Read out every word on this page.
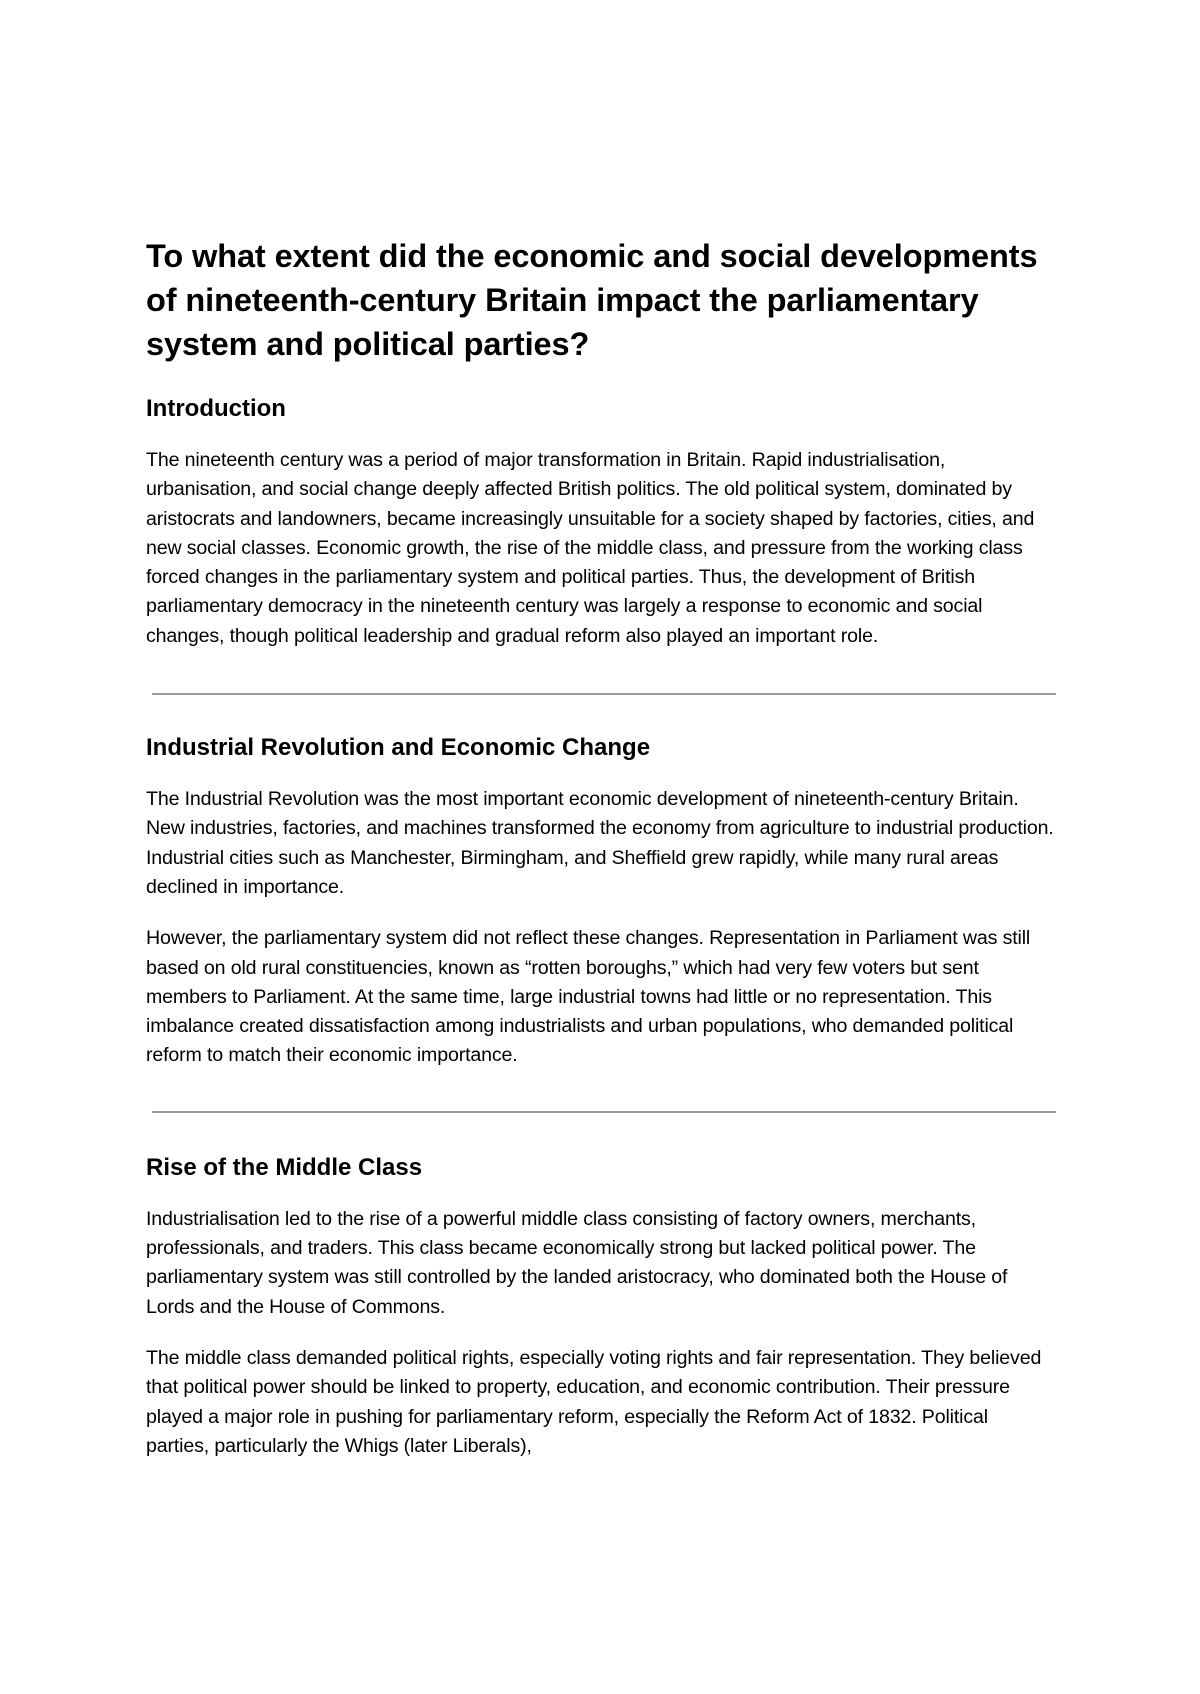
To what extent did the economic and social developments of nineteenth-century Britain impact the parliamentary system and political parties?
Introduction

The nineteenth century was a period of major transformation in Britain. Rapid industrialisation, urbanisation, and social change deeply affected British politics. The old political system, dominated by aristocrats and landowners, became increasingly unsuitable for a society shaped by factories, cities, and new social classes. Economic growth, the rise of the middle class, and pressure from the working class forced changes in the parliamentary system and political parties. Thus, the development of British parliamentary democracy in the nineteenth century was largely a response to economic and social changes, though political leadership and gradual reform also played an important role.

Industrial Revolution and Economic Change

The Industrial Revolution was the most important economic development of nineteenth-century Britain. New industries, factories, and machines transformed the economy from agriculture to industrial production. Industrial cities such as Manchester, Birmingham, and Sheffield grew rapidly, while many rural areas declined in importance.

However, the parliamentary system did not reflect these changes. Representation in Parliament was still based on old rural constituencies, known as “rotten boroughs,” which had very few voters but sent members to Parliament. At the same time, large industrial towns had little or no representation. This imbalance created dissatisfaction among industrialists and urban populations, who demanded political reform to match their economic importance.

Rise of the Middle Class

Industrialisation led to the rise of a powerful middle class consisting of factory owners, merchants, professionals, and traders. This class became economically strong but lacked political power. The parliamentary system was still controlled by the landed aristocracy, who dominated both the House of Lords and the House of Commons.

The middle class demanded political rights, especially voting rights and fair representation. They believed that political power should be linked to property, education, and economic contribution. Their pressure played a major role in pushing for parliamentary reform, especially the Reform Act of 1832. Political parties, particularly the Whigs (later Liberals),
